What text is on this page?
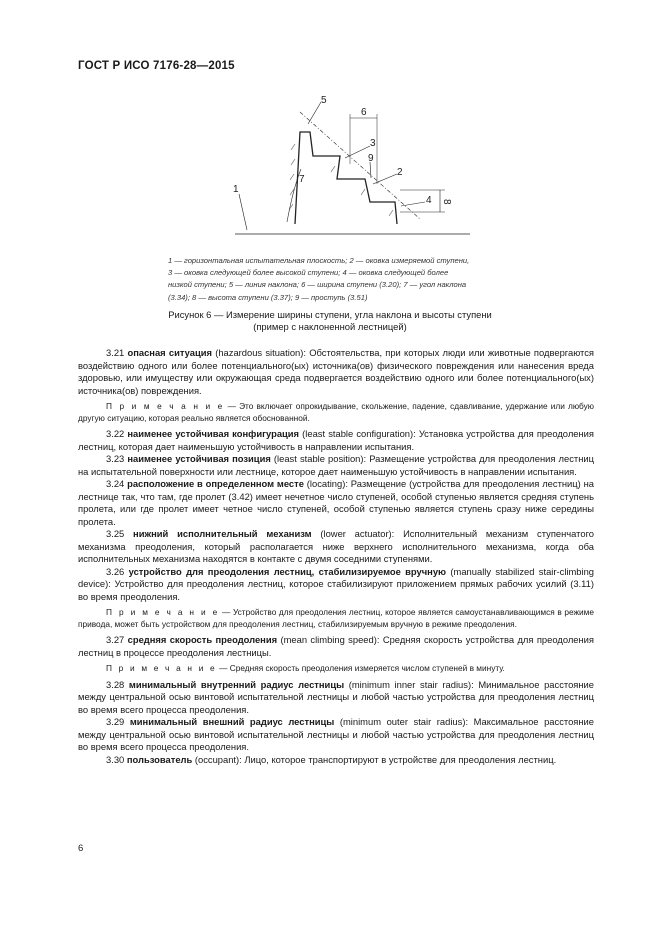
ГОСТ Р ИСО 7176-28—2015
1
5
6
3
9
7
2
8
4
1 — горизонтальная испытательная плоскость; 2 — оковка измеряемой ступени,
3 — оковка следующей более высокой ступени; 4 — оковка следующей более
низкой ступени; 5 — линия наклона; 6 — ширина ступени (3.20); 7 — угол наклона
(3.34); 8 — высота ступени (3.37); 9 — проступь (3.51)
Рисунок 6 — Измерение ширины ступени, угла наклона и высоты ступени
(пример с наклоненной лестницей)

3.21 опасная ситуация (hazardous situation): Обстоятельства, при которых люди или животные подвергаются воздействию одного или более потенциального(ых) источника(ов) физического повреждения или нанесения вреда здоровью, или имуществу или окружающая среда подвергается воздействию одного или более потенциального(ых) источника(ов) повреждения.

П р и м е ч а н и е — Это включает опрокидывание, скольжение, падение, сдавливание, удержание или любую другую ситуацию, которая реально является обоснованной.

3.22 наименее устойчивая конфигурация (least stable configuration): Установка устройства для преодоления лестниц, которая дает наименьшую устойчивость в направлении испытания.

3.23 наименее устойчивая позиция (least stable position): Размещение устройства для преодоления лестниц на испытательной поверхности или лестнице, которое дает наименьшую устойчивость в направлении испытания.

3.24 расположение в определенном месте (locating): Размещение (устройства для преодоления лестниц) на лестнице так, что там, где пролет (3.42) имеет нечетное число ступеней, особой ступенью является средняя ступень пролета, или где пролет имеет четное число ступеней, особой ступенью является ступень сразу ниже середины пролета.

3.25 нижний исполнительный механизм (lower actuator): Исполнительный механизм ступенчатого механизма преодоления, который располагается ниже верхнего исполнительного механизма, когда оба исполнительных механизма находятся в контакте с двумя соседними ступенями.

3.26 устройство для преодоления лестниц, стабилизируемое вручную (manually stabilized stair-climbing device): Устройство для преодоления лестниц, которое стабилизируют приложением прямых рабочих усилий (3.11) во время преодоления.

П р и м е ч а н и е — Устройство для преодоления лестниц, которое является самоустанавливающимся в режиме привода, может быть устройством для преодоления лестниц, стабилизируемым вручную в режиме преодоления.

3.27 средняя скорость преодоления (mean climbing speed): Средняя скорость устройства для преодоления лестниц в процессе преодоления лестницы.

П р и м е ч а н и е — Средняя скорость преодоления измеряется числом ступеней в минуту.

3.28 минимальный внутренний радиус лестницы (minimum inner stair radius): Минимальное расстояние между центральной осью винтовой испытательной лестницы и любой частью устройства для преодоления лестниц во время всего процесса преодоления.

3.29 минимальный внешний радиус лестницы (minimum outer stair radius): Максимальное расстояние между центральной осью винтовой испытательной лестницы и любой частью устройства для преодоления лестниц во время всего процесса преодоления.

3.30 пользователь (occupant): Лицо, которое транспортируют в устройстве для преодоления лестниц.

6
